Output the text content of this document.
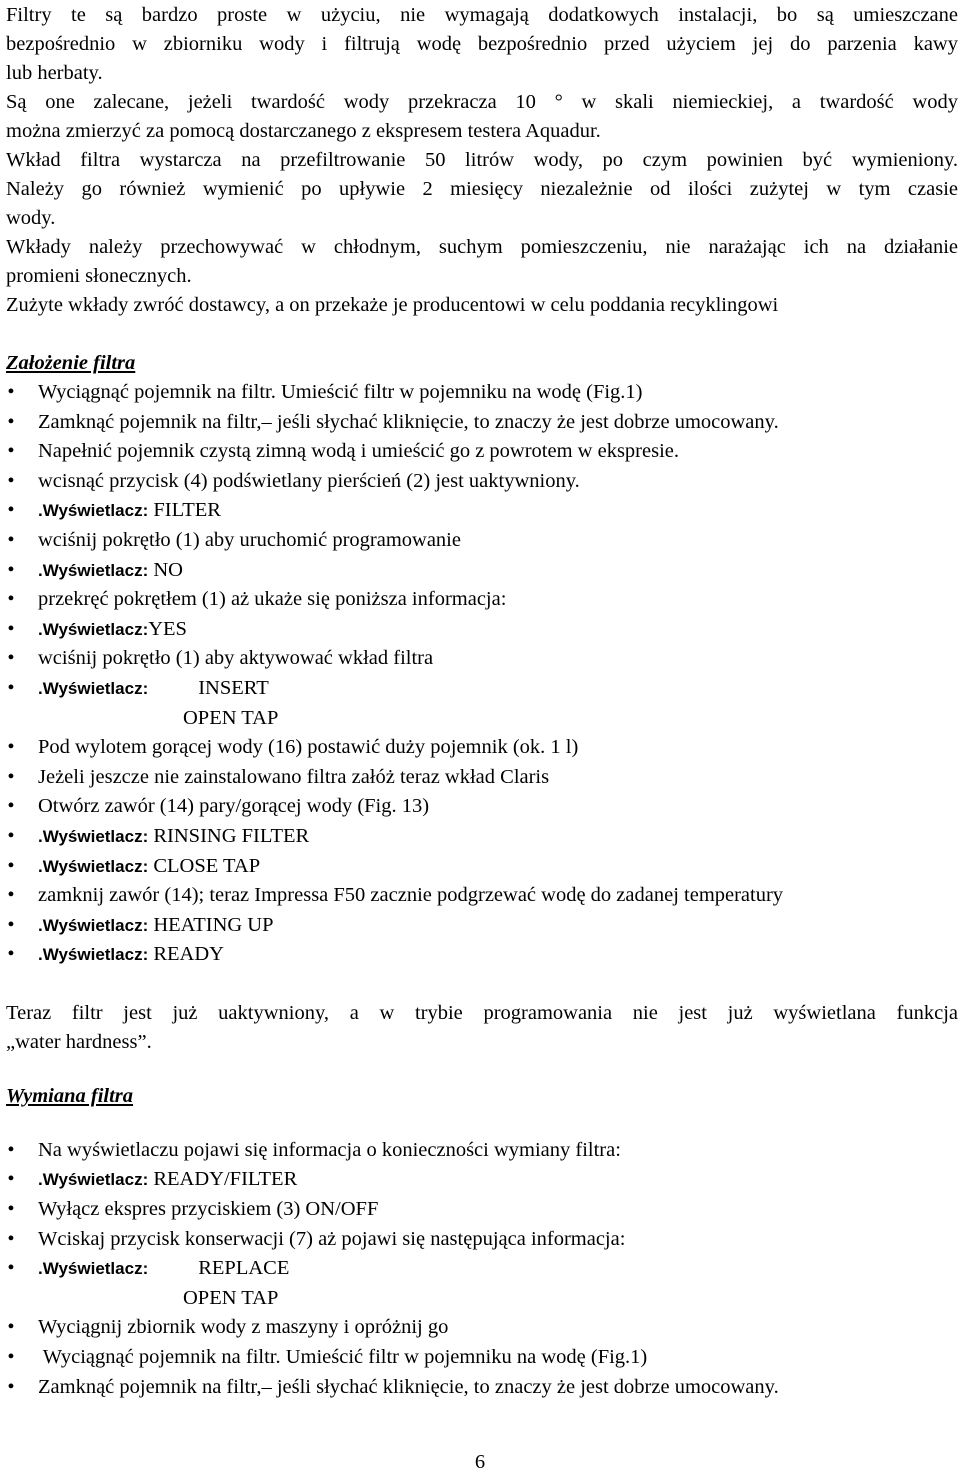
Filtry te są bardzo proste w użyciu, nie wymagają dodatkowych instalacji, bo są umieszczane

bezpośrednio w zbiorniku wody i filtrują wodę bezpośrednio przed użyciem jej do parzenia kawy

lub herbaty.

Są one zalecane, jeżeli twardość wody przekracza 10 ° w skali niemieckiej, a twardość wody

można zmierzyć za pomocą dostarczanego z ekspresem testera Aquadur.

Wkład filtra wystarcza na przefiltrowanie 50 litrów wody, po czym powinien być wymieniony.

Należy go również wymienić po upływie 2 miesięcy niezależnie od ilości zużytej w tym czasie

wody.

Wkłady należy przechowywać w chłodnym, suchym pomieszczeniu, nie narażając ich na działanie

promieni słonecznych.

Zużyte wkłady zwróć dostawcy, a on przekaże je producentowi w celu poddania recyklingowi

Założenie filtra

• Wyciągnąć pojemnik na filtr. Umieścić filtr w pojemniku na wodę (Fig.1)
• Zamknąć pojemnik na filtr,– jeśli słychać kliknięcie, to znaczy że jest dobrze umocowany.
• Napełnić pojemnik czystą zimną wodą i umieścić go z powrotem w ekspresie.
• wcisnąć przycisk (4) podświetlany pierścień (2) jest uaktywniony.
• .Wyświetlacz: FILTER
• wciśnij pokrętło (1) aby uruchomić programowanie
• .Wyświetlacz: NO
• przekręć pokrętłem (1) aż ukaże się poniższa informacja:
• .Wyświetlacz:YES
• wciśnij pokrętło (1) aby aktywować wkład filtra
• .Wyświetlacz: INSERT
OPEN TAP
• Pod wylotem gorącej wody (16) postawić duży pojemnik (ok. 1 l)
• Jeżeli jeszcze nie zainstalowano filtra załóż teraz wkład Claris
• Otwórz zawór (14) pary/gorącej wody (Fig. 13)
• .Wyświetlacz: RINSING FILTER
• .Wyświetlacz: CLOSE TAP
• zamknij zawór (14); teraz Impressa F50 zacznie podgrzewać wodę do zadanej temperatury
• .Wyświetlacz: HEATING UP
• .Wyświetlacz: READY

Teraz filtr jest już uaktywniony, a w trybie programowania nie jest już wyświetlana funkcja

„water hardness”.

Wymiana filtra

• Na wyświetlaczu pojawi się informacja o konieczności wymiany filtra:
• .Wyświetlacz: READY/FILTER
• Wyłącz ekspres przyciskiem (3) ON/OFF
• Wciskaj przycisk konserwacji (7) aż pojawi się następująca informacja:
• .Wyświetlacz: REPLACE
OPEN TAP
• Wyciągnij zbiornik wody z maszyny i opróżnij go
• Wyciągnąć pojemnik na filtr. Umieścić filtr w pojemniku na wodę (Fig.1)
• Zamknąć pojemnik na filtr,– jeśli słychać kliknięcie, to znaczy że jest dobrze umocowany.
6
